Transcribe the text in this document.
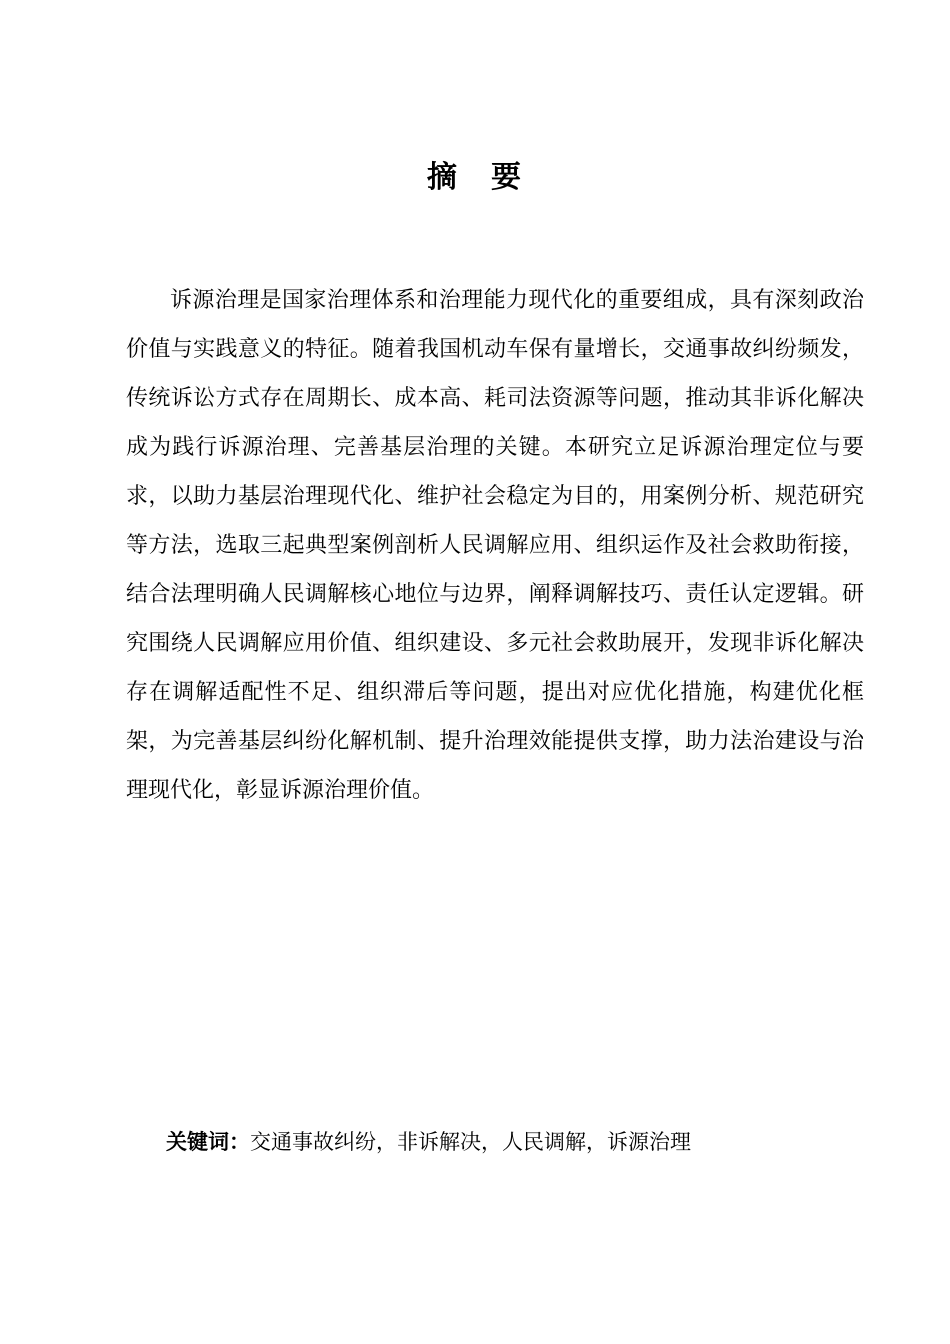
摘　要

诉源治理是国家治理体系和治理能力现代化的重要组成，具有深刻政治价值与实践意义的特征。随着我国机动车保有量增长，交通事故纠纷频发，传统诉讼方式存在周期长、成本高、耗司法资源等问题，推动其非诉化解决成为践行诉源治理、完善基层治理的关键。本研究立足诉源治理定位与要求，以助力基层治理现代化、维护社会稳定为目的，用案例分析、规范研究等方法，选取三起典型案例剖析人民调解应用、组织运作及社会救助衔接，结合法理明确人民调解核心地位与边界，阐释调解技巧、责任认定逻辑。研究围绕人民调解应用价值、组织建设、多元社会救助展开，发现非诉化解决存在调解适配性不足、组织滞后等问题，提出对应优化措施，构建优化框架，为完善基层纠纷化解机制、提升治理效能提供支撑，助力法治建设与治理现代化，彰显诉源治理价值。

关键词：交通事故纠纷，非诉解决，人民调解，诉源治理
